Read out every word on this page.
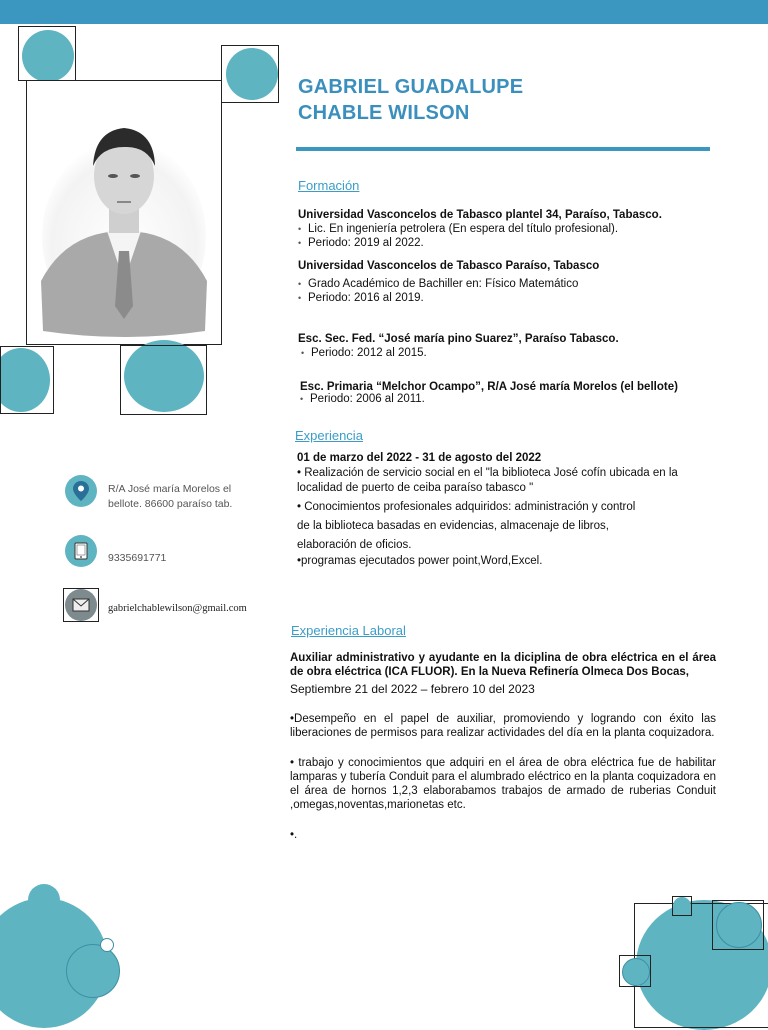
GABRIEL GUADALUPE
CHABLE WILSON
Formación
Universidad Vasconcelos de Tabasco plantel 34, Paraíso, Tabasco.
• Lic. En ingeniería petrolera (En espera del título profesional).
• Periodo: 2019 al 2022.
Universidad Vasconcelos de Tabasco Paraíso, Tabasco
• Grado Académico de Bachiller en: Físico Matemático
• Periodo: 2016 al 2019.
Esc. Sec. Fed. “José maría pino Suarez”, Paraíso Tabasco.
• Periodo: 2012 al 2015.
Esc. Primaria “Melchor Ocampo”, R/A José maría Morelos (el bellote)
• Periodo: 2006 al 2011.
Experiencia
01 de marzo del 2022 - 31 de agosto del 2022
• Realización de servicio social en el "la biblioteca José cofín ubicada en la localidad de puerto de ceiba paraíso tabasco "
• Conocimientos profesionales adquiridos: administración y control
de la biblioteca basadas en evidencias, almacenaje de libros,
elaboración de oficios.
•programas ejecutados power point,Word,Excel.
R/A José maría Morelos el bellote. 86600 paraíso tab.
9335691771
gabrielchablewilson@gmail.com
Experiencia Laboral
Auxiliar administrativo y ayudante en la diciplina de obra eléctrica en el área de obra eléctrica (ICA FLUOR). En la Nueva Refinería Olmeca Dos Bocas,
Septiembre 21 del 2022 – febrero 10 del 2023
•Desempeño en el papel de auxiliar, promoviendo y logrando con éxito las liberaciones de permisos para realizar actividades del día en la planta coquizadora.
• trabajo y conocimientos que adquiri en el área de obra eléctrica fue de habilitar lamparas y tubería Conduit para el alumbrado eléctrico en la planta coquizadora en el área de hornos 1,2,3 elaborabamos trabajos de armado de ruberias Conduit ,omegas,noventas,marionetas etc.
•.
